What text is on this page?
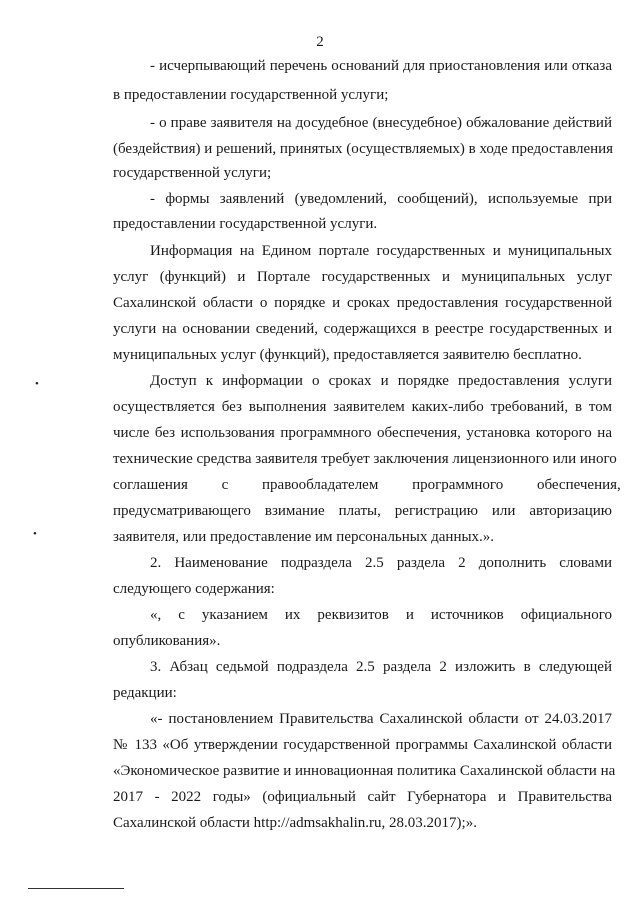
2
- исчерпывающий перечень оснований для приостановления или отказа
в предоставлении государственной услуги;
- о праве заявителя на досудебное (внесудебное) обжалование действий
(бездействия) и решений, принятых (осуществляемых) в ходе предоставления
государственной услуги;
- формы заявлений (уведомлений, сообщений), используемые при
предоставлении государственной услуги.
Информация на Едином портале государственных и муниципальных
услуг (функций) и Портале государственных и муниципальных услуг
Сахалинской области о порядке и сроках предоставления государственной
услуги на основании сведений, содержащихся в реестре государственных и
муниципальных услуг (функций), предоставляется заявителю бесплатно.
Доступ к информации о сроках и порядке предоставления услуги
осуществляется без выполнения заявителем каких-либо требований, в том
числе без использования программного обеспечения, установка которого на
технические средства заявителя требует заключения лицензионного или иного
соглашения с правообладателем программного обеспечения,
предусматривающего взимание платы, регистрацию или авторизацию
заявителя, или предоставление им персональных данных.».
2. Наименование подраздела 2.5 раздела 2 дополнить словами
следующего содержания:
«, с указанием их реквизитов и источников официального
опубликования».
3. Абзац седьмой подраздела 2.5 раздела 2 изложить в следующей
редакции:
«- постановлением Правительства Сахалинской области от 24.03.2017
№ 133 «Об утверждении государственной программы Сахалинской области
«Экономическое развитие и инновационная политика Сахалинской области на
2017 - 2022 годы» (официальный сайт Губернатора и Правительства
Сахалинской области http://admsakhalin.ru, 28.03.2017);».
•
•
